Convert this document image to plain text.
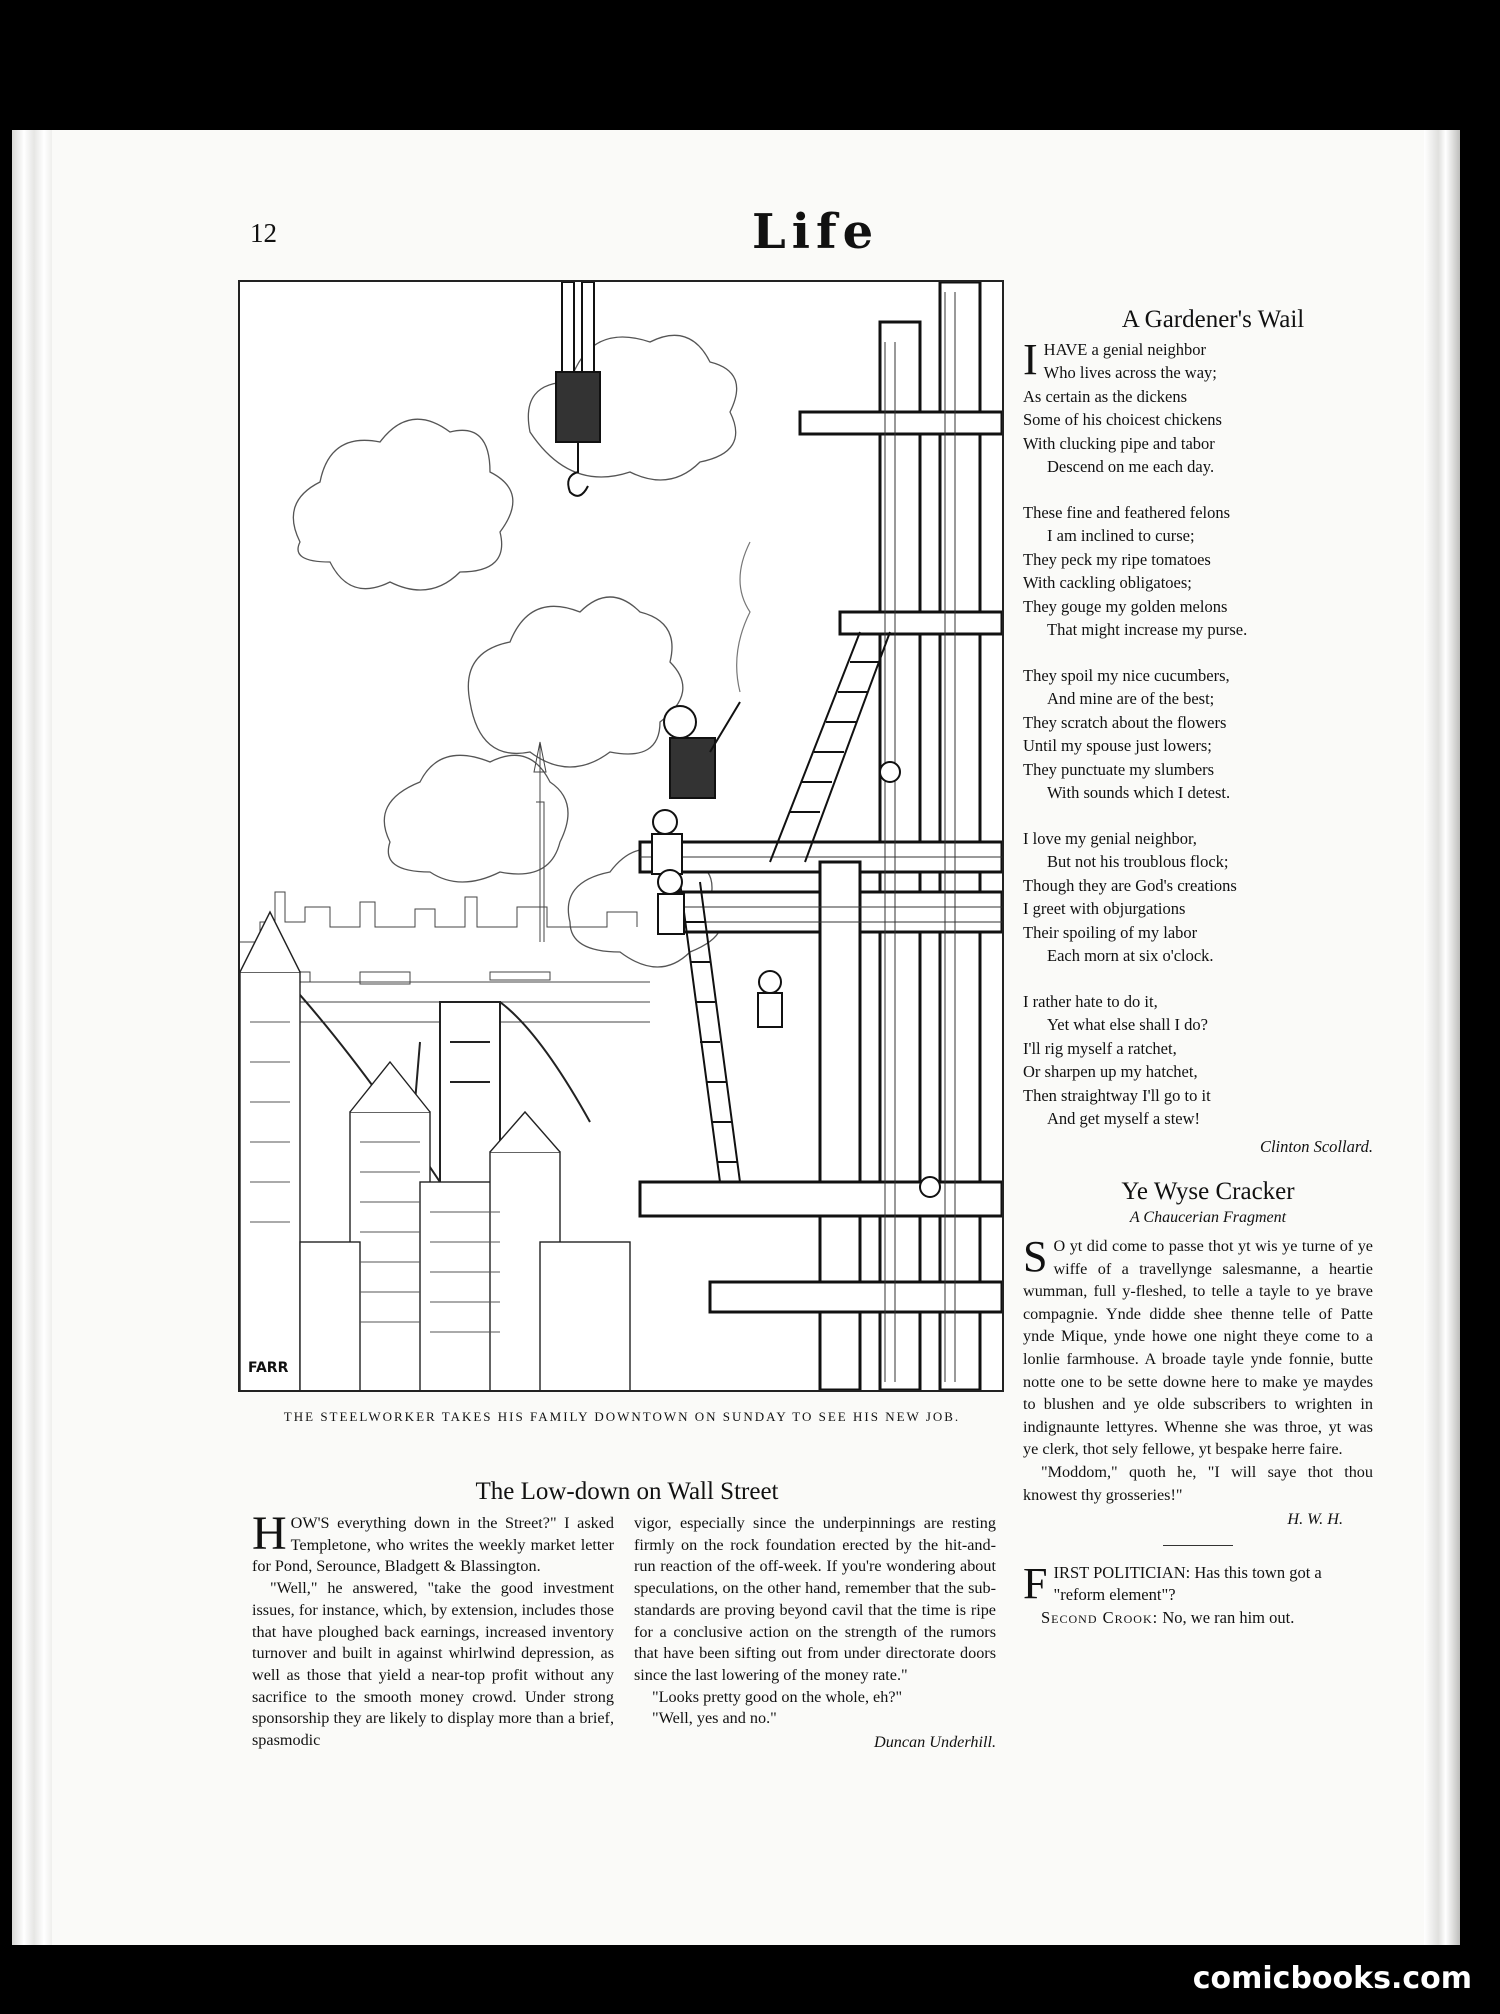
12	Life
FARR
THE STEELWORKER TAKES HIS FAMILY DOWNTOWN ON SUNDAY TO SEE HIS NEW JOB.
The Low-down on Wall Street

HOW'S everything down in the Street?" I asked Templetone, who writes the weekly market letter for Pond, Serounce, Bladgett & Blassington.

"Well," he answered, "take the good investment issues, for instance, which, by extension, includes those that have ploughed back earnings, increased inventory turnover and built in against whirlwind depression, as well as those that yield a near-top profit without any sacrifice to the smooth money crowd. Under strong sponsorship they are likely to display more than a brief, spasmodic

vigor, especially since the underpinnings are resting firmly on the rock foundation erected by the hit-and-run reaction of the off-week. If you're wondering about speculations, on the other hand, remember that the sub-standards are proving beyond cavil that the time is ripe for a conclusive action on the strength of the rumors that have been sifting out from under directorate doors since the last lowering of the money rate."

"Looks pretty good on the whole, eh?"

"Well, yes and no."

Duncan Underhill.
A Gardener's Wail
IHAVE a genial neighbor
Who lives across the way;
As certain as the dickens
Some of his choicest chickens
With clucking pipe and tabor
Descend on me each day.
These fine and feathered felons
I am inclined to curse;
They peck my ripe tomatoes
With cackling obligatoes;
They gouge my golden melons
That might increase my purse.
They spoil my nice cucumbers,
And mine are of the best;
They scratch about the flowers
Until my spouse just lowers;
They punctuate my slumbers
With sounds which I detest.
I love my genial neighbor,
But not his troublous flock;
Though they are God's creations
I greet with objurgations
Their spoiling of my labor
Each morn at six o'clock.
I rather hate to do it,
Yet what else shall I do?
I'll rig myself a ratchet,
Or sharpen up my hatchet,
Then straightway I'll go to it
And get myself a stew!
Clinton Scollard.
Ye Wyse Cracker
A Chaucerian Fragment
S O yt did come to passe thot yt wis ye turne of ye wiffe of a travellynge salesmanne, a heartie wumman, full y-fleshed, to telle a tayle to ye brave compagnie. Ynde didde shee thenne telle of Patte ynde Mique, ynde howe one night theye come to a lonlie farmhouse. A broade tayle ynde fonnie, butte notte one to be sette downe here to make ye maydes to blushen and ye olde subscribers to wrighten in indignaunte lettyres. Whenne she was throe, yt was ye clerk, thot sely fellowe, yt bespake herre faire.
"Moddom," quoth he, "I will saye thot thou knowest thy grosseries!"
H. W. H.
FIRST POLITICIAN: Has this town got a "reform element"?
Second Crook: No, we ran him out.
comicbooks.com
